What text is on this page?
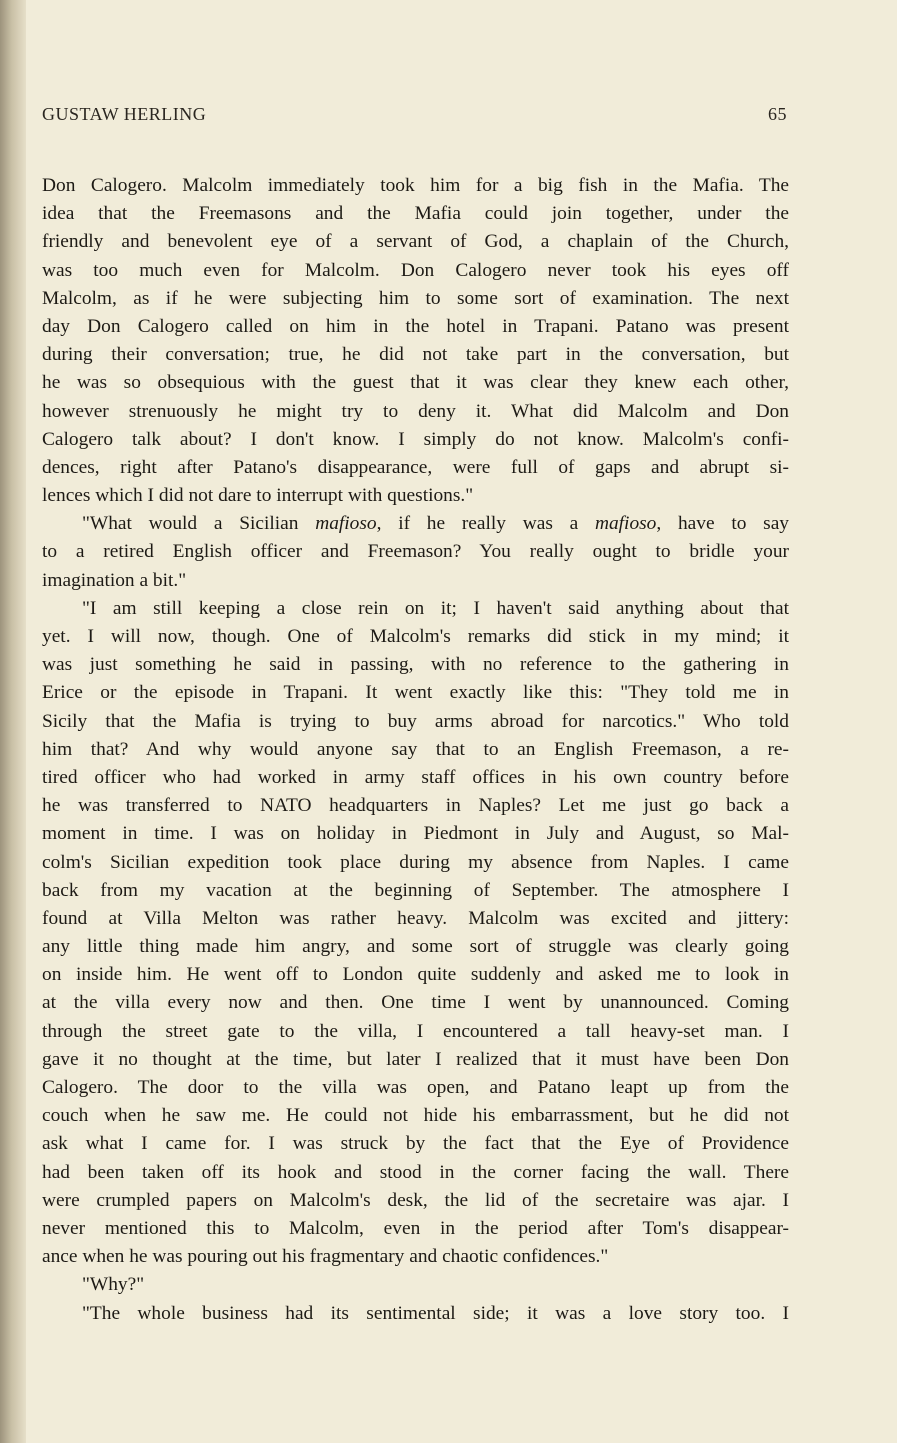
GUSTAW HERLING	65
Don Calogero. Malcolm immediately took him for a big fish in the Mafia. The
idea that the Freemasons and the Mafia could join together, under the
friendly and benevolent eye of a servant of God, a chaplain of the Church,
was too much even for Malcolm. Don Calogero never took his eyes off
Malcolm, as if he were subjecting him to some sort of examination. The next
day Don Calogero called on him in the hotel in Trapani. Patano was present
during their conversation; true, he did not take part in the conversation, but
he was so obsequious with the guest that it was clear they knew each other,
however strenuously he might try to deny it. What did Malcolm and Don
Calogero talk about? I don't know. I simply do not know. Malcolm's confi-
dences, right after Patano's disappearance, were full of gaps and abrupt si-
lences which I did not dare to interrupt with questions."
"What would a Sicilian mafioso, if he really was a mafioso, have to say
to a retired English officer and Freemason? You really ought to bridle your
imagination a bit."
"I am still keeping a close rein on it; I haven't said anything about that
yet. I will now, though. One of Malcolm's remarks did stick in my mind; it
was just something he said in passing, with no reference to the gathering in
Erice or the episode in Trapani. It went exactly like this: "They told me in
Sicily that the Mafia is trying to buy arms abroad for narcotics." Who told
him that? And why would anyone say that to an English Freemason, a re-
tired officer who had worked in army staff offices in his own country before
he was transferred to NATO headquarters in Naples? Let me just go back a
moment in time. I was on holiday in Piedmont in July and August, so Mal-
colm's Sicilian expedition took place during my absence from Naples. I came
back from my vacation at the beginning of September. The atmosphere I
found at Villa Melton was rather heavy. Malcolm was excited and jittery:
any little thing made him angry, and some sort of struggle was clearly going
on inside him. He went off to London quite suddenly and asked me to look in
at the villa every now and then. One time I went by unannounced. Coming
through the street gate to the villa, I encountered a tall heavy-set man. I
gave it no thought at the time, but later I realized that it must have been Don
Calogero. The door to the villa was open, and Patano leapt up from the
couch when he saw me. He could not hide his embarrassment, but he did not
ask what I came for. I was struck by the fact that the Eye of Providence
had been taken off its hook and stood in the corner facing the wall. There
were crumpled papers on Malcolm's desk, the lid of the secretaire was ajar. I
never mentioned this to Malcolm, even in the period after Tom's disappear-
ance when he was pouring out his fragmentary and chaotic confidences."
"Why?"
"The whole business had its sentimental side; it was a love story too. I
